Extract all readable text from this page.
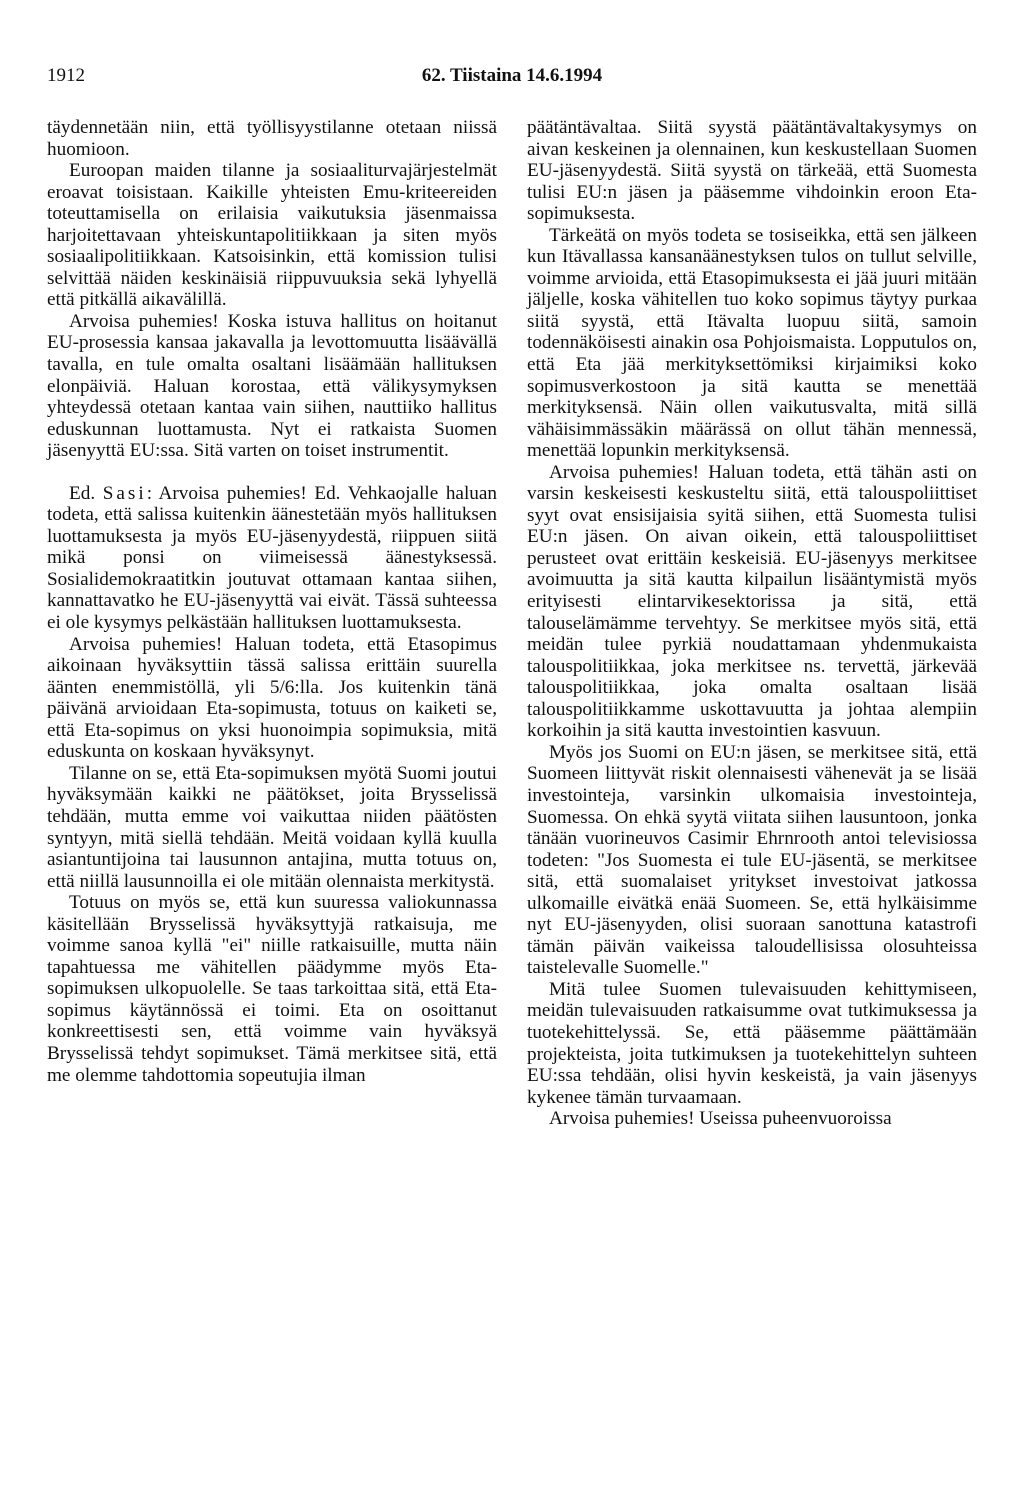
1912	62. Tiistaina 14.6.1994

täydennetään niin, että työllisyystilanne otetaan niissä huomioon.

Euroopan maiden tilanne ja sosiaaliturvajärjestelmät eroavat toisistaan. Kaikille yhteisten Emu-kriteereiden toteuttamisella on erilaisia vaikutuksia jäsenmaissa harjoitettavaan yhteiskuntapolitiikkaan ja siten myös sosiaalipolitiikkaan. Katsoisinkin, että komission tulisi selvittää näiden keskinäisiä riippuvuuksia sekä lyhyellä että pitkällä aikavälillä.

Arvoisa puhemies! Koska istuva hallitus on hoitanut EU-prosessia kansaa jakavalla ja levottomuutta lisäävällä tavalla, en tule omalta osaltani lisäämään hallituksen elonpäiviä. Haluan korostaa, että välikysymyksen yhteydessä otetaan kantaa vain siihen, nauttiiko hallitus eduskunnan luottamusta. Nyt ei ratkaista Suomen jäsenyyttä EU:ssa. Sitä varten on toiset instrumentit.

Ed. Sasi: Arvoisa puhemies! Ed. Vehkaojalle haluan todeta, että salissa kuitenkin äänestetään myös hallituksen luottamuksesta ja myös EU-jäsenyydestä, riippuen siitä mikä ponsi on viimeisessä äänestyksessä. Sosialidemokraatitkin joutuvat ottamaan kantaa siihen, kannattavatko he EU-jäsenyyttä vai eivät. Tässä suhteessa ei ole kysymys pelkästään hallituksen luottamuksesta.

Arvoisa puhemies! Haluan todeta, että Etasopimus aikoinaan hyväksyttiin tässä salissa erittäin suurella äänten enemmistöllä, yli 5/6:lla. Jos kuitenkin tänä päivänä arvioidaan Eta-sopimusta, totuus on kaiketi se, että Eta-sopimus on yksi huonoimpia sopimuksia, mitä eduskunta on koskaan hyväksynyt.

Tilanne on se, että Eta-sopimuksen myötä Suomi joutui hyväksymään kaikki ne päätökset, joita Brysselissä tehdään, mutta emme voi vaikuttaa niiden päätösten syntyyn, mitä siellä tehdään. Meitä voidaan kyllä kuulla asiantuntijoina tai lausunnon antajina, mutta totuus on, että niillä lausunnoilla ei ole mitään olennaista merkitystä.

Totuus on myös se, että kun suuressa valiokunnassa käsitellään Brysselissä hyväksyttyjä ratkaisuja, me voimme sanoa kyllä "ei" niille ratkaisuille, mutta näin tapahtuessa me vähitellen päädymme myös Eta-sopimuksen ulkopuolelle. Se taas tarkoittaa sitä, että Eta-sopimus käytännössä ei toimi. Eta on osoittanut konkreettisesti sen, että voimme vain hyväksyä Brysselissä tehdyt sopimukset. Tämä merkitsee sitä, että me olemme tahdottomia sopeutujia ilman

päätäntävaltaa. Siitä syystä päätäntävaltakysymys on aivan keskeinen ja olennainen, kun keskustellaan Suomen EU-jäsenyydestä. Siitä syystä on tärkeää, että Suomesta tulisi EU:n jäsen ja pääsemme vihdoinkin eroon Eta-sopimuksesta.

Tärkeätä on myös todeta se tosiseikka, että sen jälkeen kun Itävallassa kansanäänestyksen tulos on tullut selville, voimme arvioida, että Etasopimuksesta ei jää juuri mitään jäljelle, koska vähitellen tuo koko sopimus täytyy purkaa siitä syystä, että Itävalta luopuu siitä, samoin todennäköisesti ainakin osa Pohjoismaista. Lopputulos on, että Eta jää merkityksettömiksi kirjaimiksi koko sopimusverkostoon ja sitä kautta se menettää merkityksensä. Näin ollen vaikutusvalta, mitä sillä vähäisimmässäkin määrässä on ollut tähän mennessä, menettää lopunkin merkityksensä.

Arvoisa puhemies! Haluan todeta, että tähän asti on varsin keskeisesti keskusteltu siitä, että talouspoliittiset syyt ovat ensisijaisia syitä siihen, että Suomesta tulisi EU:n jäsen. On aivan oikein, että talouspoliittiset perusteet ovat erittäin keskeisiä. EU-jäsenyys merkitsee avoimuutta ja sitä kautta kilpailun lisääntymistä myös erityisesti elintarvikesektorissa ja sitä, että talouselämämme tervehtyy. Se merkitsee myös sitä, että meidän tulee pyrkiä noudattamaan yhdenmukaista talouspolitiikkaa, joka merkitsee ns. tervettä, järkevää talouspolitiikkaa, joka omalta osaltaan lisää talouspolitiikkamme uskottavuutta ja johtaa alempiin korkoihin ja sitä kautta investointien kasvuun.

Myös jos Suomi on EU:n jäsen, se merkitsee sitä, että Suomeen liittyvät riskit olennaisesti vähenevät ja se lisää investointeja, varsinkin ulkomaisia investointeja, Suomessa. On ehkä syytä viitata siihen lausuntoon, jonka tänään vuorineuvos Casimir Ehrnrooth antoi televisiossa todeten: "Jos Suomesta ei tule EU-jäsentä, se merkitsee sitä, että suomalaiset yritykset investoivat jatkossa ulkomaille eivätkä enää Suomeen. Se, että hylkäisimme nyt EU-jäsenyyden, olisi suoraan sanottuna katastrofi tämän päivän vaikeissa taloudellisissa olosuhteissa taistelevalle Suomelle."

Mitä tulee Suomen tulevaisuuden kehittymiseen, meidän tulevaisuuden ratkaisumme ovat tutkimuksessa ja tuotekehittelyssä. Se, että pääsemme päättämään projekteista, joita tutkimuksen ja tuotekehittelyn suhteen EU:ssa tehdään, olisi hyvin keskeistä, ja vain jäsenyys kykenee tämän turvaamaan.

Arvoisa puhemies! Useissa puheenvuoroissa
